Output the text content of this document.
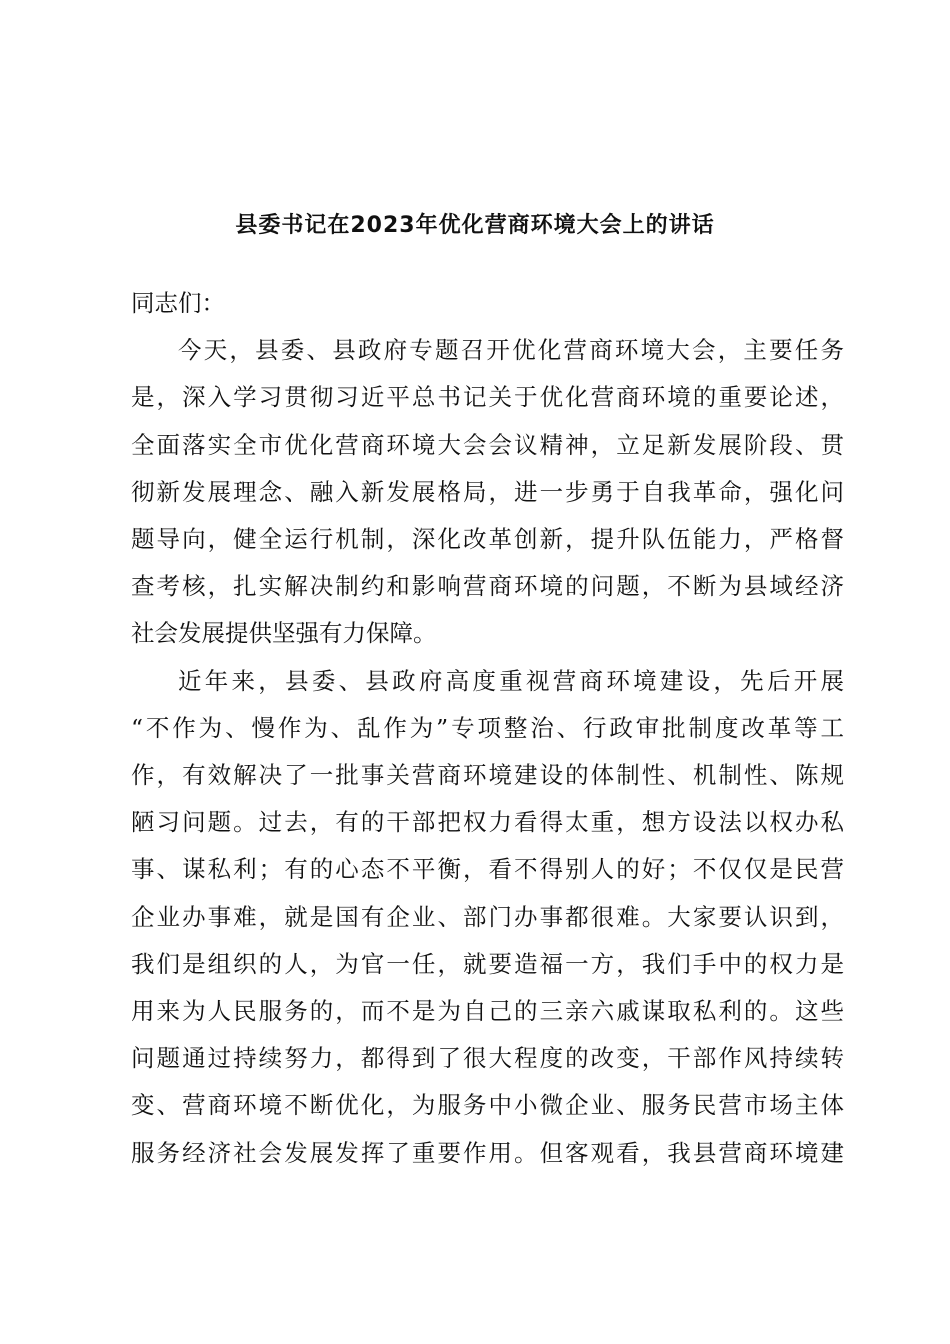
县委书记在2023年优化营商环境大会上的讲话

同志们：

今天，县委、县政府专题召开优化营商环境大会，主要任务
是，深入学习贯彻习近平总书记关于优化营商环境的重要论述，
全面落实全市优化营商环境大会会议精神，立足新发展阶段、贯
彻新发展理念、融入新发展格局，进一步勇于自我革命，强化问
题导向，健全运行机制，深化改革创新，提升队伍能力，严格督
查考核，扎实解决制约和影响营商环境的问题，不断为县域经济
社会发展提供坚强有力保障。

近年来，县委、县政府高度重视营商环境建设，先后开展
“不作为、慢作为、乱作为”专项整治、行政审批制度改革等工
作，有效解决了一批事关营商环境建设的体制性、机制性、陈规
陋习问题。过去，有的干部把权力看得太重，想方设法以权办私
事、谋私利；有的心态不平衡，看不得别人的好；不仅仅是民营
企业办事难，就是国有企业、部门办事都很难。大家要认识到，
我们是组织的人，为官一任，就要造福一方，我们手中的权力是
用来为人民服务的，而不是为自己的三亲六戚谋取私利的。这些
问题通过持续努力，都得到了很大程度的改变，干部作风持续转
变、营商环境不断优化，为服务中小微企业、服务民营市场主体
服务经济社会发展发挥了重要作用。但客观看，我县营商环境建
